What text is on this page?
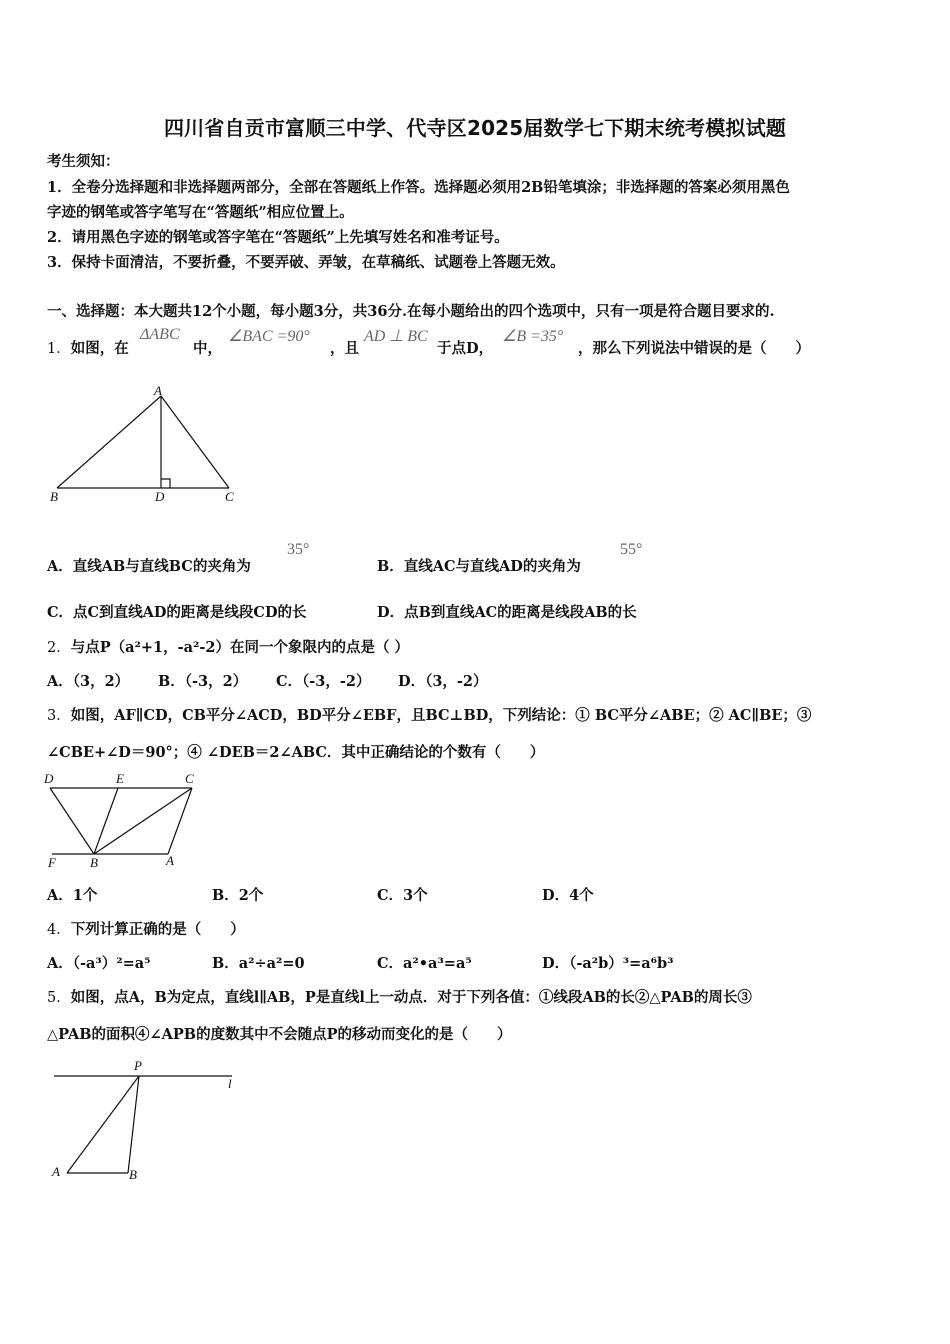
四川省自贡市富顺三中学、代寺区2025届数学七下期末统考模拟试题
考生须知：
1．全卷分选择题和非选择题两部分，全部在答题纸上作答。选择题必须用2B铅笔填涂；非选择题的答案必须用黑色
字迹的钢笔或答字笔写在“答题纸”相应位置上。
2．请用黑色字迹的钢笔或答字笔在“答题纸”上先填写姓名和准考证号。
3．保持卡面清洁，不要折叠，不要弄破、弄皱，在草稿纸、试题卷上答题无效。
一、选择题：本大题共12个小题，每小题3分，共36分.在每小题给出的四个选项中，只有一项是符合题目要求的.
1．如图，在
ΔABC
中，
∠BAC =90°
，且
AD ⊥ BC
于点D，
∠B =35°
，那么下列说法中错误的是（　　）
A
B	D	C
A．直线AB与直线BC的夹角为
35°
B．直线AC与直线AD的夹角为
55°
C．点C到直线AD的距离是线段CD的长	D．点B到直线AC的距离是线段AB的长
2．与点P（a²+1，-a²-2）在同一个象限内的点是（ ）
A．（3，2） B．（-3，2） C．（-3，-2） D．（3，-2）
3．如图，AF∥CD，CB平分∠ACD，BD平分∠EBF，且BC⊥BD，下列结论：① BC平分∠ABE；② AC∥BE；③
∠CBE+∠D＝90°；④ ∠DEB＝2∠ABC．其中正确结论的个数有（　　）
D	E	C
F	B	A
A．1个	B．2个	C．3个	D．4个
4．下列计算正确的是（　　）
A．（-a³）²=a⁵	B．a²÷a²=0	C．a²•a³=a⁵	D．（-a²b）³=a⁶b³
5．如图，点A，B为定点，直线l∥AB，P是直线l上一动点．对于下列各值：①线段AB的长②△PAB的周长③
△PAB的面积④∠APB的度数其中不会随点P的移动而变化的是（　　）
P
l
A	B
